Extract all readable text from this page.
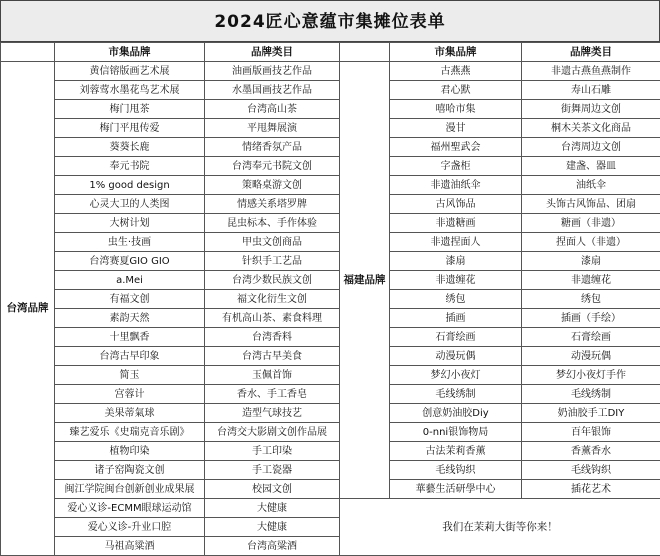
2024匠心意蕴市集摊位表单
	市集品牌	品牌类目		市集品牌	品牌类目
台湾品牌	黄信镕版画艺术展	油画版画技艺作品	福建品牌	古燕燕	非遗古燕鱼燕制作
	刘蓉莺水墨花鸟艺术展	水墨国画技艺作品		君心默	寿山石雕
	梅门甩茶	台湾高山茶		嘻哈市集	街舞周边文创
	梅门平甩传爱	平甩舞展演		漫甘	桐木关茶文化商品
	葵葵长鹿	情绪香氛产品		福州聖武会	台湾周边文创
	奉元书院	台湾奉元书院文创		字盏柜	建盏、器皿
	1% good design	策略桌游文创		非遗油纸伞	油纸伞
	心灵大卫的人类图	情感关系塔罗牌		古风饰品	头饰古风饰品、团扇
	大树计划	昆虫标本、手作体验		非遗糖画	糖画（非遗）
	虫生·技画	甲虫文创商品		非遗捏面人	捏面人（非遗）
	台湾赛夏GIO GIO	针织手工艺品		漆扇	漆扇
	a.Mei	台湾少数民族文创		非遗缠花	非遗缠花
	有福文创	福文化衍生文创		绣包	绣包
	素韵天然	有机高山茶、素食料理		插画	插画（手绘）
	十里飘香	台湾香料		石膏绘画	石膏绘画
	台湾古早印象	台湾古早美食		动漫玩偶	动漫玩偶
	简玉	玉佩首饰		梦幻小夜灯	梦幻小夜灯手作
	宫蓉计	香水、手工香皂		毛线绣制	毛线绣制
	美果蒂氣球	造型气球技艺		创意奶油胶Diy	奶油胶手工DIY
	臻艺爱乐《史瑞克音乐剧》	台湾交大影剧文创作品展		0-nni银饰物局	百年银饰
	植物印染	手工印染		古法茉莉香薰	香薰香水
	诸子窑陶瓷文创	手工瓷器		毛线钩织	毛线钩织
	闽江学院闽台创新创业成果展	校园文创		華藝生活研學中心	插花艺术
	爱心义诊-ECMM眼球运动馆	大健康	我们在茉莉大街等你来！		
	爱心义诊-升业口腔	大健康			
	马祖高粱酒	台湾高粱酒			
